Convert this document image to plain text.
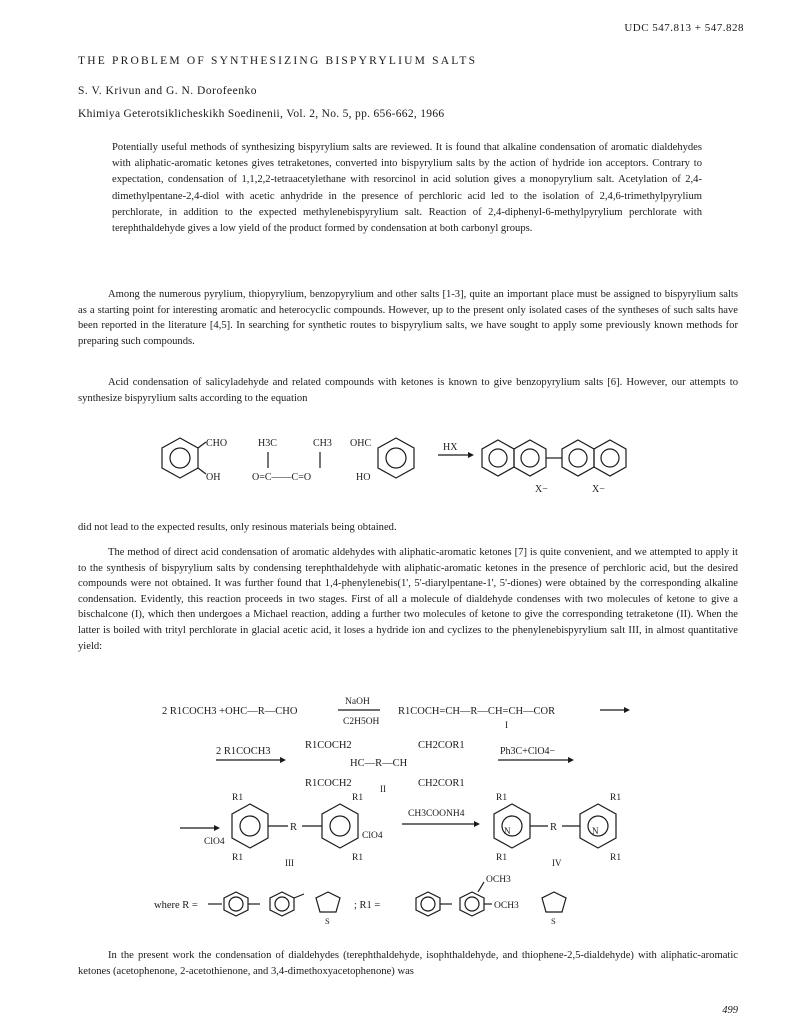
UDC 547.813 + 547.828
THE PROBLEM OF SYNTHESIZING BISPYRYLIUM SALTS
S. V. Krivun and G. N. Dorofeenko
Khimiya Geterotsiklicheskikh Soedinenii, Vol. 2, No. 5, pp. 656-662, 1966
Potentially useful methods of synthesizing bispyrylium salts are reviewed. It is found that alkaline condensation of aromatic dialdehydes with aliphatic-aromatic ketones gives tetraketones, converted into bispyrylium salts by the action of hydride ion acceptors. Contrary to expectation, condensation of 1,1,2,2-tetraacetylethane with resorcinol in acid solution gives a monopyrylium salt. Acetylation of 2,4-dimethylpentane-2,4-diol with acetic anhydride in the presence of perchloric acid led to the isolation of 2,4,6-trimethylpyrylium perchlorate, in addition to the expected methylenebispyrylium salt. Reaction of 2,4-diphenyl-6-methylpyrylium perchlorate with terephthaldehyde gives a low yield of the product formed by condensation at both carbonyl groups.
Among the numerous pyrylium, thiopyrylium, benzopyrylium and other salts [1-3], quite an important place must be assigned to bispyrylium salts as a starting point for interesting aromatic and heterocyclic compounds. However, up to the present only isolated cases of the syntheses of such salts have been reported in the literature [4,5]. In searching for synthetic routes to bispyrylium salts, we have sought to apply some previously known methods for preparing such compounds.
Acid condensation of salicyladehyde and related compounds with ketones is known to give benzopyrylium salts [6]. However, our attempts to synthesize bispyrylium salts according to the equation
CHO
OH
H3C	CH3
O=C——C=O
OHC
HO
HX
X−	X−
did not lead to the expected results, only resinous materials being obtained.
The method of direct acid condensation of aromatic aldehydes with aliphatic-aromatic ketones [7] is quite convenient, and we attempted to apply it to the synthesis of bispyrylium salts by condensing terephthaldehyde with aliphatic-aromatic ketones in the presence of perchloric acid, but the desired compounds were not obtained. It was further found that 1,4-phenylenebis(1', 5'-diarylpentane-1', 5'-diones) were obtained by the corresponding alkaline condensation. Evidently, this reaction proceeds in two stages. First of all a molecule of dialdehyde condenses with two molecules of ketone to give a bischalcone (I), which then undergoes a Michael reaction, adding a further two molecules of ketone to give the corresponding tetraketone (II). When the latter is boiled with trityl perchlorate in glacial acetic acid, it loses a hydride ion and cyclizes to the phenylenebispyrylium salt III, in almost quantitative yield:
2 R1COCH3 +OHC—R—CHO
NaOH
C2H5OH
R1COCH=CH—R—CH=CH—COR
I
2 R1COCH3
R1COCH2	CH2COR1
HC—R—CH
R1COCH2	II	CH2COR1
Ph3C+ClO4−
R1
R1
ClO4
R
R1
R1
ClO4
III
CH3COONH4
R1
R1
N	R
R1
R1
N
IV
where R =
S
; R1 =
OCH3
OCH3
S
In the present work the condensation of dialdehydes (terephthaldehyde, isophthaldehyde, and thiophene-2,5-dialdehyde) with aliphatic-aromatic ketones (acetophenone, 2-acetothienone, and 3,4-dimethoxyacetophenone) was
499
